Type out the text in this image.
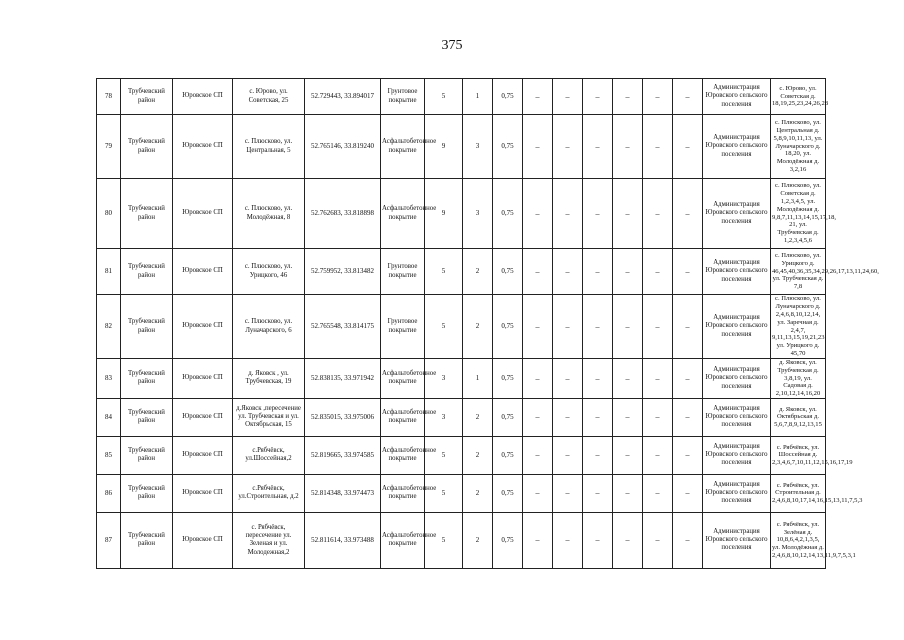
375
78	Трубчевский район	Юровское СП	с. Юрово, ул. Советская, 25	52.729443, 33.894017	Грунтовое покрытие	5	1	0,75	–	–	–	–	–	–	Администрация Юровского сельского поселения	с. Юрово, ул. Советская д. 18,19,25,23,24,26,28
79	Трубчевский район	Юровское СП	с. Плюсково, ул. Центральная, 5	52.765146, 33.819240	Асфальтобетонное покрытие	9	3	0,75	–	–	–	–	–	–	Администрация Юровского сельского поселения	с. Плюсково, ул. Центральная д. 5,8,9,10,11,13, ул. Луначарского д. 18,20, ул. Молодёжная д. 3,2,16
80	Трубчевский район	Юровское СП	с. Плюсково, ул. Молодёжная, 8	52.762683, 33.818898	Асфальтобетонное покрытие	9	3	0,75	–	–	–	–	–	–	Администрация Юровского сельского поселения	с. Плюсково, ул. Советская д. 1,2,3,4,5, ул. Молодёжная д. 9,8,7,11,13,14,15,17,18, 21, ул. Трубчевская д. 1,2,3,4,5,6
81	Трубчевский район	Юровское СП	с. Плюсково, ул. Урицкого, 46	52.759952, 33.813482	Грунтовое покрытие	5	2	0,75	–	–	–	–	–	–	Администрация Юровского сельского поселения	с. Плюсково, ул. Урицкого д. 46,45,40,36,35,34,29,26,17,13,11,24,60, ул. Трубчевская д. 7,8
82	Трубчевский район	Юровское СП	с. Плюсково, ул. Луначарского, 6	52.765548, 33.814175	Грунтовое покрытие	5	2	0,75	–	–	–	–	–	–	Администрация Юровского сельского поселения	с. Плюсково, ул. Луначарского д. 2,4,6,8,10,12,14, ул. Заречная д. 2,4,7, 9,11,13,15,19,21,23 ул. Урицкого д. 45,70
83	Трубчевский район	Юровское СП	д. Яковск , ул. Трубчевская, 19	52.838135, 33.971942	Асфальтобетонное покрытие	3	1	0,75	–	–	–	–	–	–	Администрация Юровского сельского поселения	д. Яковск, ул. Трубчевская д. 3,8,19, ул. Садовая д. 2,10,12,14,16,20
84	Трубчевский район	Юровское СП	д.Яковск ,пересечение ул. Трубчевская и ул. Октябрьская, 15	52.835015, 33.975006	Асфальтобетонное покрытие	3	2	0,75	–	–	–	–	–	–	Администрация Юровского сельского поселения	д. Яковск, ул. Октябрьская д. 5,6,7,8,9,12,13,15
85	Трубчевский район	Юровское СП	с.Рябчёвск, ул.Шоссейная,2	52.819665, 33.974585	Асфальтобетонное покрытие	5	2	0,75	–	–	–	–	–	–	Администрация Юровского сельского поселения	с. Рябчёвск, ул. Шоссейная д. 2,3,4,6,7,10,11,12,15,16,17,19
86	Трубчевский район	Юровское СП	с.Рябчёвск, ул.Строительная, д.2	52.814348, 33.974473	Асфальтобетонное покрытие	5	2	0,75	–	–	–	–	–	–	Администрация Юровского сельского поселения	с. Рябчёвск, ул. Строительная д. 2,4,6,8,10,17,14,16,15,13,11,7,5,3
87	Трубчевский район	Юровское СП	с. Рябчёвск, пересечение ул. Зеленая и ул. Молодежная,2	52.811614, 33.973488	Асфальтобетонное покрытие	5	2	0,75	–	–	–	–	–	–	Администрация Юровского сельского поселения	с. Рябчёвск, ул. Зелёная д. 10,8,6,4,2,1,3,5, ул. Молодёжная д. 2,4,6,8,10,12,14,13,11,9,7,5,3,1
